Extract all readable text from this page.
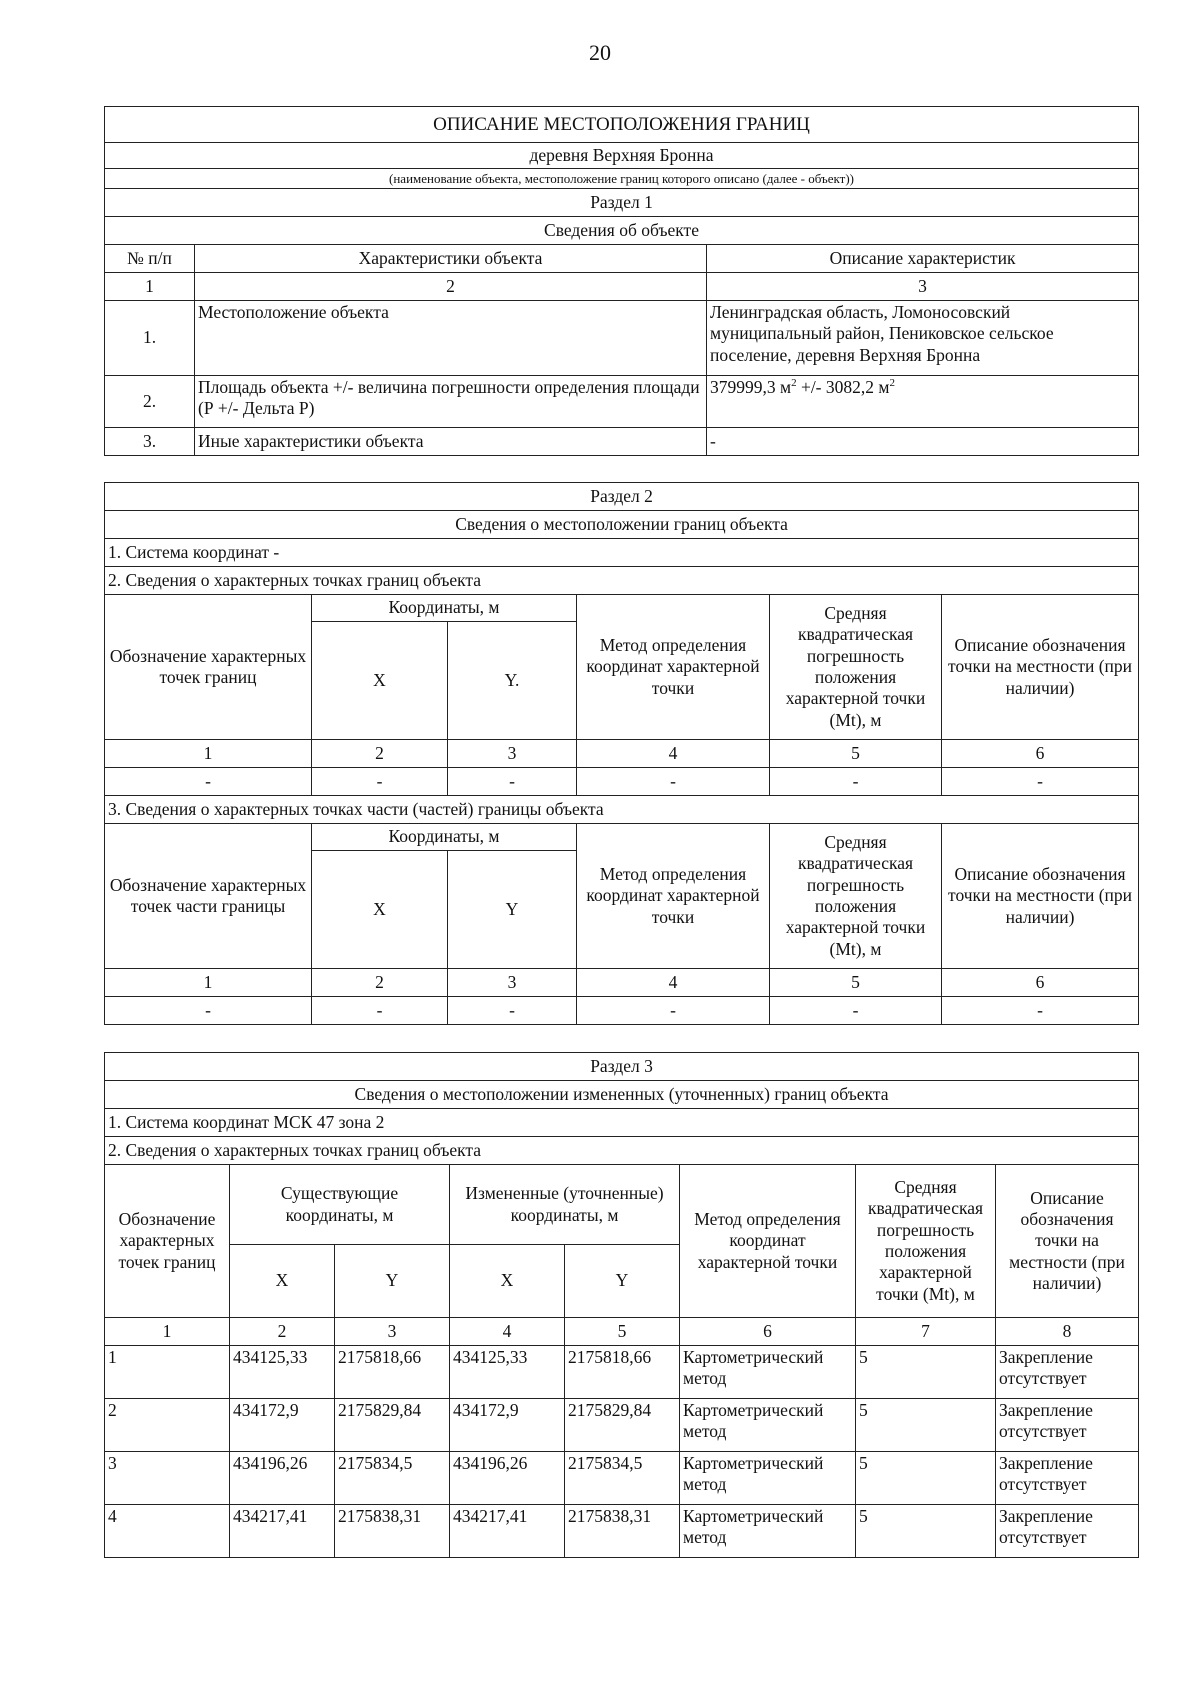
20
ОПИСАНИЕ МЕСТОПОЛОЖЕНИЯ ГРАНИЦ		
деревня Верхняя Бронна		
(наименование объекта, местоположение границ которого описано (далее - объект))		
Раздел 1		
Сведения об объекте		
№ п/п	Характеристики объекта	Описание характеристик
1	2	3
1.	Местоположение объекта	Ленинградская область, Ломоносовский муниципальный район, Пениковское сельское поселение, деревня Верхняя Бронна
2.	Площадь объекта +/- величина погрешности определения площади (Р +/- Дельта Р)	379999,3 $м^2$ +/- 3082,2 $м^2$
3.	Иные характеристики объекта	-
Раздел 2					
Сведения о местоположении границ объекта					
1. Система координат -					
2. Сведения о характерных точках границ объекта					
Обозначение характерных точек границ	Координаты, м		Метод определения координат характерной точки	Средняя квадратическая погрешность положения характерной точки (Mt), м	Описание обозначения точки на местности (при наличии)
	X	Y.			
1	2	3	4	5	6
-	-	-	-	-	-
3. Сведения о характерных точках части (частей) границы объекта					
Обозначение характерных точек части границы	Координаты, м		Метод определения координат характерной точки	Средняя квадратическая погрешность положения характерной точки (Mt), м	Описание обозначения точки на местности (при наличии)
	X	Y			
1	2	3	4	5	6
-	-	-	-	-	-
Раздел 3							
Сведения о местоположении измененных (уточненных) границ объекта							
1. Система координат МСК 47 зона 2							
2. Сведения о характерных точках границ объекта							
Обозначение характерных точек границ	Существующие координаты, м		Измененные (уточненные) координаты, м		Метод определения координат характерной точки	Средняя квадратическая погрешность положения характерной точки (Mt), м	Описание обозначения точки на местности (при наличии)
	X	Y	X	Y			
1	2	3	4	5	6	7	8
1	434125,33	2175818,66	434125,33	2175818,66	Картометрический метод	5	Закрепление отсутствует
2	434172,9	2175829,84	434172,9	2175829,84	Картометрический метод	5	Закрепление отсутствует
3	434196,26	2175834,5	434196,26	2175834,5	Картометрический метод	5	Закрепление отсутствует
4	434217,41	2175838,31	434217,41	2175838,31	Картометрический метод	5	Закрепление отсутствует
